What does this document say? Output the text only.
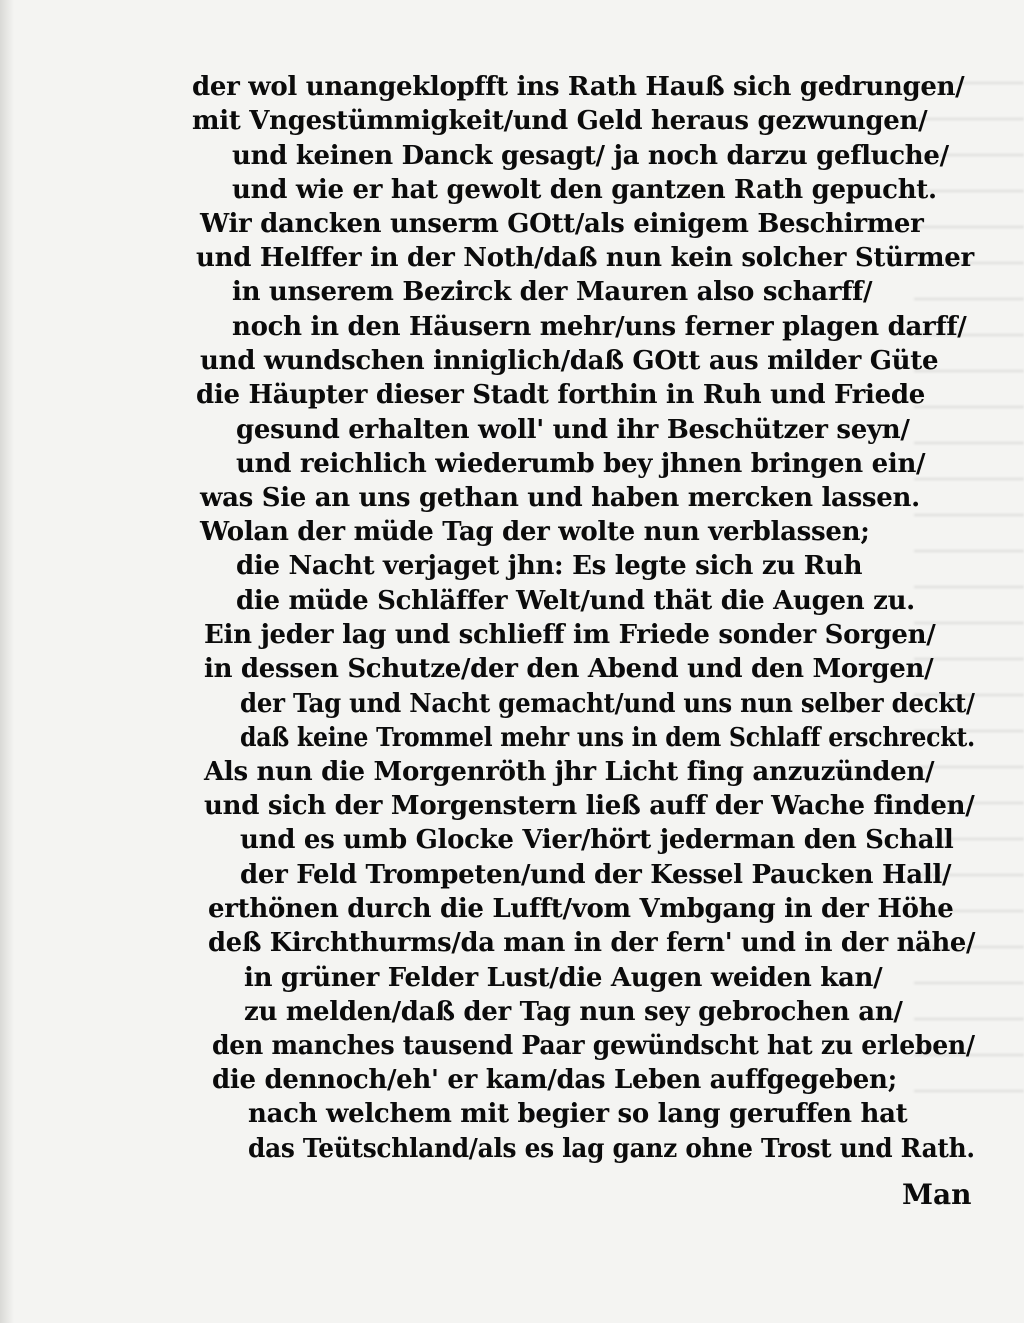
der wol unangeklopfft ins Rath Hauß sich gedrungen/
mit Vngestümmigkeit/und Geld heraus gezwungen/
und keinen Danck gesagt/ ja noch darzu gefluche/
und wie er hat gewolt den gantzen Rath gepucht.
Wir dancken unserm GOtt/als einigem Beschirmer
und Helffer in der Noth/daß nun kein solcher Stürmer
in unserem Bezirck der Mauren also scharff/
noch in den Häusern mehr/uns ferner plagen darff/
und wundschen inniglich/daß GOtt aus milder Güte
die Häupter dieser Stadt forthin in Ruh und Friede
gesund erhalten woll' und ihr Beschützer seyn/
und reichlich wiederumb bey jhnen bringen ein/
was Sie an uns gethan und haben mercken lassen.
Wolan der müde Tag der wolte nun verblassen;
die Nacht verjaget jhn: Es legte sich zu Ruh
die müde Schläffer Welt/und thät die Augen zu.
Ein jeder lag und schlieff im Friede sonder Sorgen/
in dessen Schutze/der den Abend und den Morgen/
der Tag und Nacht gemacht/und uns nun selber deckt/
daß keine Trommel mehr uns in dem Schlaff erschreckt.
Als nun die Morgenröth jhr Licht fing anzuzünden/
und sich der Morgenstern ließ auff der Wache finden/
und es umb Glocke Vier/hört jederman den Schall
der Feld Trompeten/und der Kessel Paucken Hall/
erthönen durch die Lufft/vom Vmbgang in der Höhe
deß Kirchthurms/da man in der fern' und in der nähe/
in grüner Felder Lust/die Augen weiden kan/
zu melden/daß der Tag nun sey gebrochen an/
den manches tausend Paar gewündscht hat zu erleben/
die dennoch/eh' er kam/das Leben auffgegeben;
nach welchem mit begier so lang geruffen hat
das Teütschland/als es lag ganz ohne Trost und Rath.
Man
